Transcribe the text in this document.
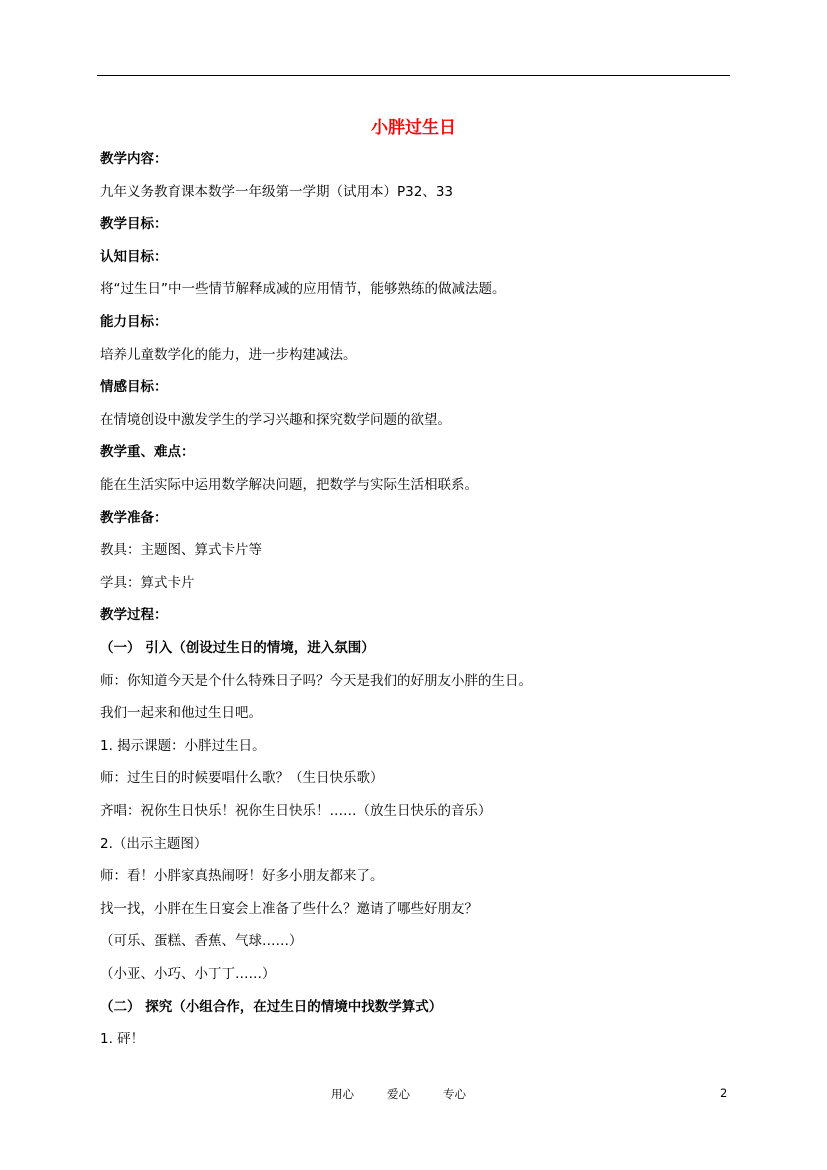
小胖过生日
教学内容：
九年义务教育课本数学一年级第一学期（试用本）P32、33
教学目标：
认知目标：
将“过生日”中一些情节解释成减的应用情节，能够熟练的做减法题。
能力目标：
培养儿童数学化的能力，进一步构建减法。
情感目标：
在情境创设中激发学生的学习兴趣和探究数学问题的欲望。
教学重、难点：
能在生活实际中运用数学解决问题，把数学与实际生活相联系。
教学准备：
教具：主题图、算式卡片等
学具：算式卡片
教学过程：
（一） 引入（创设过生日的情境，进入氛围）
师：你知道今天是个什么特殊日子吗？今天是我们的好朋友小胖的生日。
我们一起来和他过生日吧。
1. 揭示课题：小胖过生日。
师：过生日的时候要唱什么歌？（生日快乐歌）
齐唱：祝你生日快乐！祝你生日快乐！……（放生日快乐的音乐）
2.（出示主题图）
师：看！小胖家真热闹呀！好多小朋友都来了。
找一找，小胖在生日宴会上准备了些什么？邀请了哪些好朋友？
（可乐、蛋糕、香蕉、气球……）
（小亚、小巧、小丁丁……）
（二） 探究（小组合作，在过生日的情境中找数学算式）
1. 砰！
用心	爱心	专心	2
